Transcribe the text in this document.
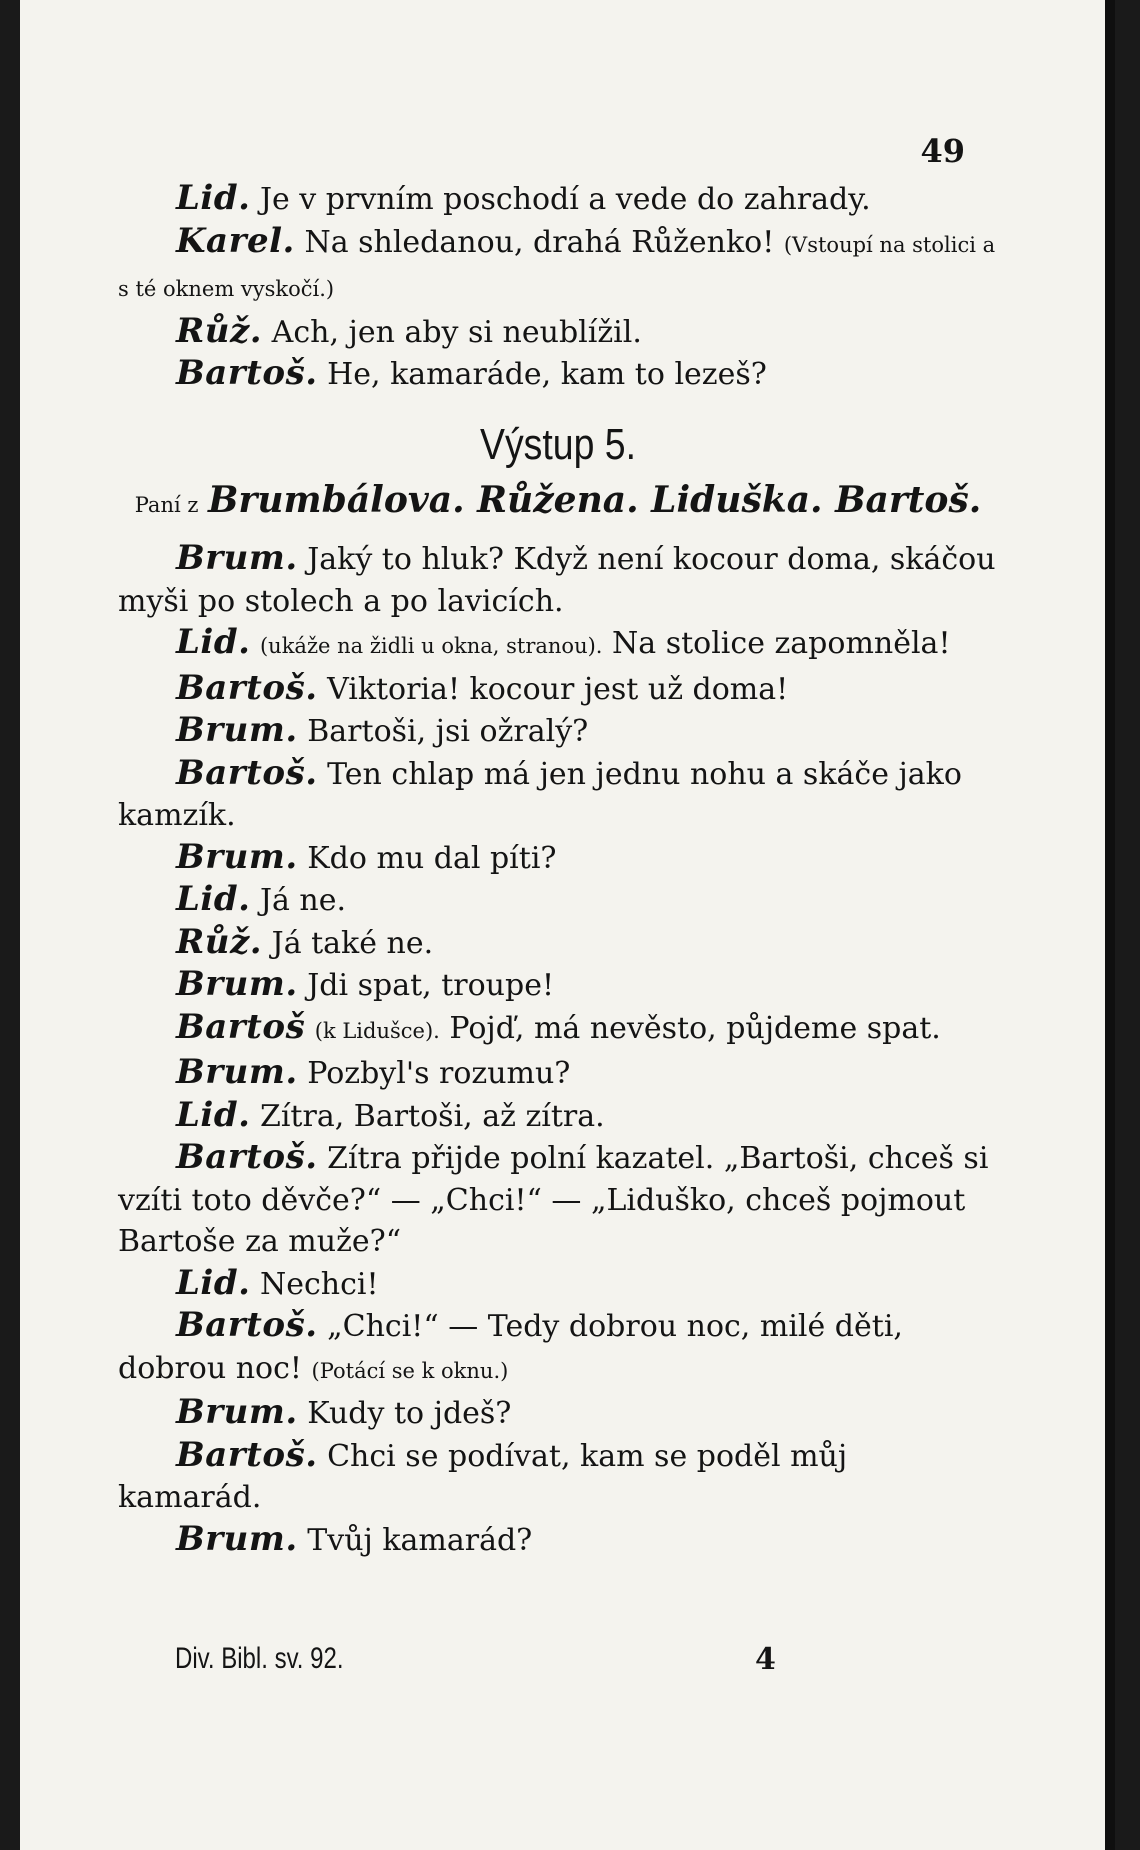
49

Lid. Je v prvním poschodí a vede do zahrady.

Karel. Na shledanou, drahá Růženko! (Vstoupí na stolici a s té oknem vyskočí.)

Růž. Ach, jen aby si neublížil.

Bartoš. He, kamaráde, kam to lezeš?

Výstup 5.
Paní z Brumbálova. Růžena. Liduška. Bartoš.

Brum. Jaký to hluk? Když není kocour doma, skáčou myši po stolech a po lavicích.

Lid. (ukáže na židli u okna, stranou). Na stolice zapomněla!

Bartoš. Viktoria! kocour jest už doma!

Brum. Bartoši, jsi ožralý?

Bartoš. Ten chlap má jen jednu nohu a skáče jako kamzík.

Brum. Kdo mu dal píti?

Lid. Já ne.

Růž. Já také ne.

Brum. Jdi spat, troupe!

Bartoš (k Lidušce). Pojď, má nevěsto, půjdeme spat.

Brum. Pozbyl's rozumu?

Lid. Zítra, Bartoši, až zítra.

Bartoš. Zítra přijde polní kazatel. „Bartoši, chceš si vzíti toto děvče?“ — „Chci!“ — „Liduško, chceš pojmout Bartoše za muže?“

Lid. Nechci!

Bartoš. „Chci!“ — Tedy dobrou noc, milé děti, dobrou noc! (Potácí se k oknu.)

Brum. Kudy to jdeš?

Bartoš. Chci se podívat, kam se poděl můj kamarád.

Brum. Tvůj kamarád?

Div. Bibl. sv. 92.	4
